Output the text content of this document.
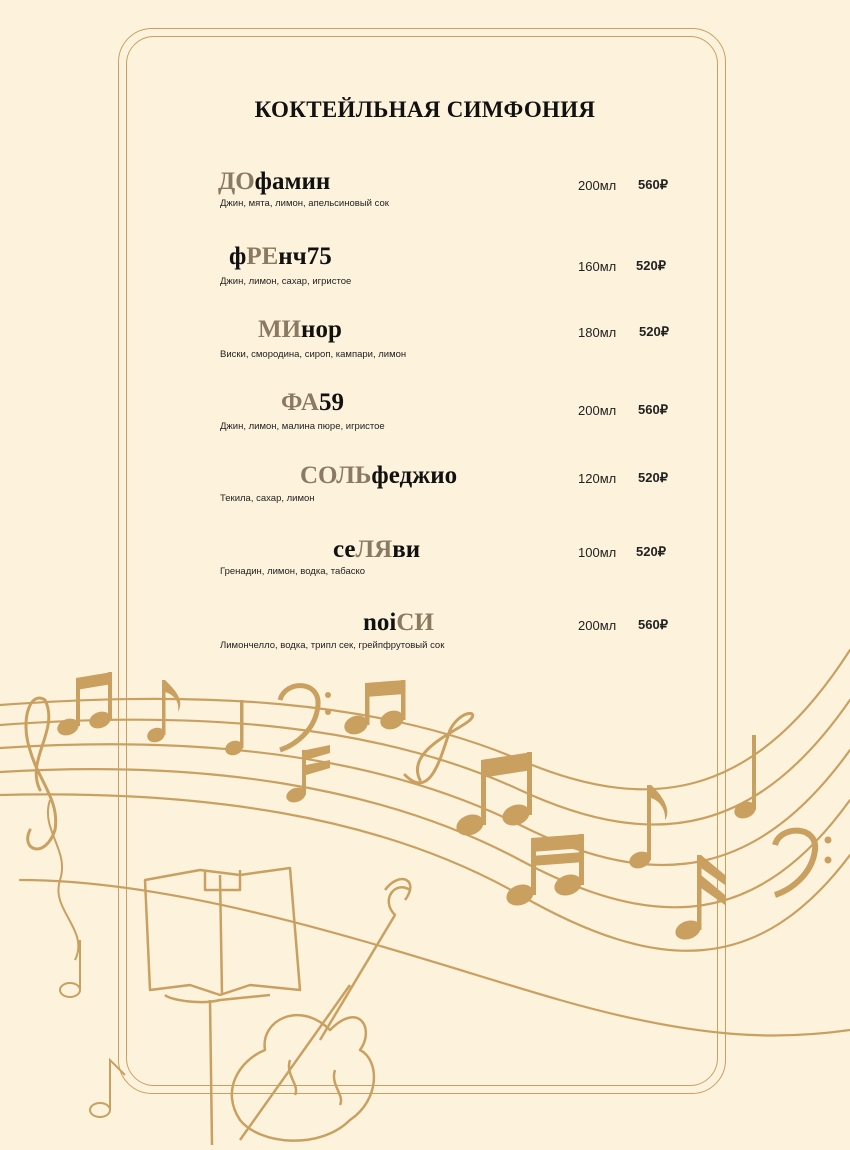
КОКТЕЙЛЬНАЯ СИМФОНИЯ
ДОфамин
Джин, мята, лимон, апельсиновый сок
200мл 560₽
фРЕнч75
Джин, лимон, сахар, игристое
160мл 520₽
МИнор
Виски, смородина, сироп, кампари, лимон
180мл 520₽
ФА59
Джин, лимон, малина пюре, игристое
200мл 560₽
СОЛЬфеджио
Текила, сахар, лимон
120мл 520₽
сеЛЯви
Гренадин, лимон, водка, табаско
100мл 520₽
noiСИ
Лимончелло, водка, трипл сек, грейпфрутовый сок
200мл 560₽
